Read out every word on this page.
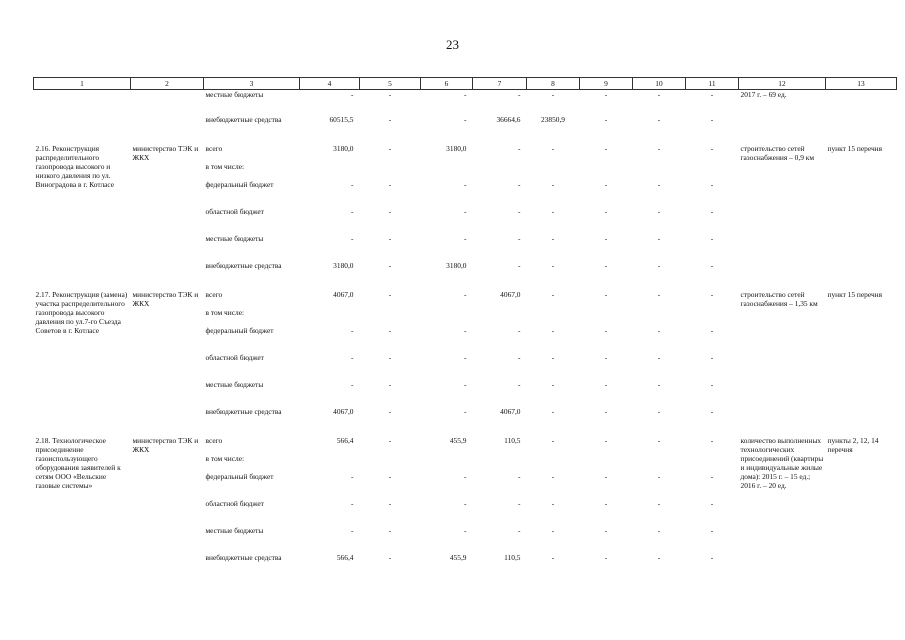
23
1	2	3	4	5	6	7	8	9	10	11	12	13
		местные бюджеты	-	-	-	-	-	-	-	-	2017 г. – 69 ед.	
		внебюджетные средства	60515,5	-	-	36664,6	23850,9	-	-	-		
2.16. Реконструкция распределительного газопровода высокого и низкого давления по ул. Виноградова в г. Котласе	министерство ТЭК и ЖКХ	всего	3180,0	-	3180,0	-	-	-	-	-	строительство сетей газоснабжения – 0,9 км	пункт 15 перечня
		в том числе:										
		федеральный бюджет	-	-	-	-	-	-	-	-		
		областной бюджет	-	-	-	-	-	-	-	-		
		местные бюджеты	-	-	-	-	-	-	-	-		
		внебюджетные средства	3180,0	-	3180,0	-	-	-	-	-		
2.17. Реконструкция (замена) участка распределительного газопровода высокого давления по ул.7-го Съезда Советов в г. Котласе	министерство ТЭК и ЖКХ	всего	4067,0	-	-	4067,0	-	-	-	-	строительство сетей газоснабжения – 1,35 км	пункт 15 перечня
		в том числе:										
		федеральный бюджет	-	-	-	-	-	-	-	-		
		областной бюджет	-	-	-	-	-	-	-	-		
		местные бюджеты	-	-	-	-	-	-	-	-		
		внебюджетные средства	4067,0	-	-	4067,0	-	-	-	-		
2.18. Технологическое присоединение газоиспользующего оборудования заявителей к сетям ООО «Вельские газовые системы»	министерство ТЭК и ЖКХ	всего	566,4	-	455,9	110,5	-	-	-	-	количество выполненных технологических присоединений (квартиры и индивидуальные жилые дома): 2015 г. – 15 ед.; 2016 г. – 20 ед.	пункты 2, 12, 14 перечня
		в том числе:										
		федеральный бюджет	-	-	-	-	-	-	-	-		
		областной бюджет	-	-	-	-	-	-	-	-		
		местные бюджеты	-	-	-	-	-	-	-	-		
		внебюджетные средства	566,4	-	455,9	110,5	-	-	-	-		
